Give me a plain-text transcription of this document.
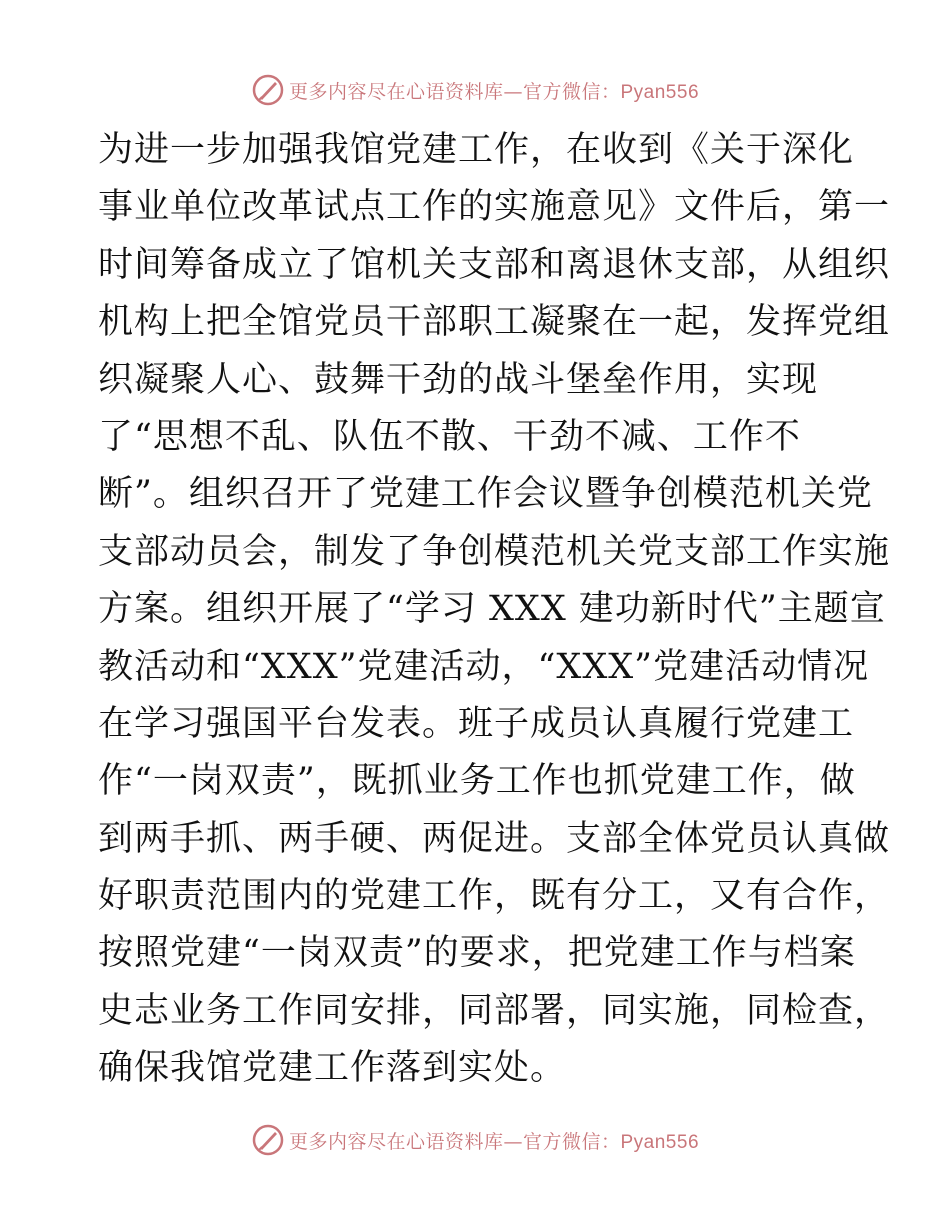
更多内容尽在心语资料库—官方微信：Pyan556
为进一步加强我馆党建工作，在收到《关于深化
事业单位改革试点工作的实施意见》文件后，第一
时间筹备成立了馆机关支部和离退休支部，从组织
机构上把全馆党员干部职工凝聚在一起，发挥党组
织凝聚人心、鼓舞干劲的战斗堡垒作用，实现
了“思想不乱、队伍不散、干劲不减、工作不
断”。组织召开了党建工作会议暨争创模范机关党
支部动员会，制发了争创模范机关党支部工作实施
方案。组织开展了“学习 XXX 建功新时代”主题宣
教活动和“XXX”党建活动，“XXX”党建活动情况
在学习强国平台发表。班子成员认真履行党建工
作“一岗双责”，既抓业务工作也抓党建工作，做
到两手抓、两手硬、两促进。支部全体党员认真做
好职责范围内的党建工作，既有分工，又有合作，
按照党建“一岗双责”的要求，把党建工作与档案
史志业务工作同安排，同部署，同实施，同检查，
确保我馆党建工作落到实处。
更多内容尽在心语资料库—官方微信：Pyan556
